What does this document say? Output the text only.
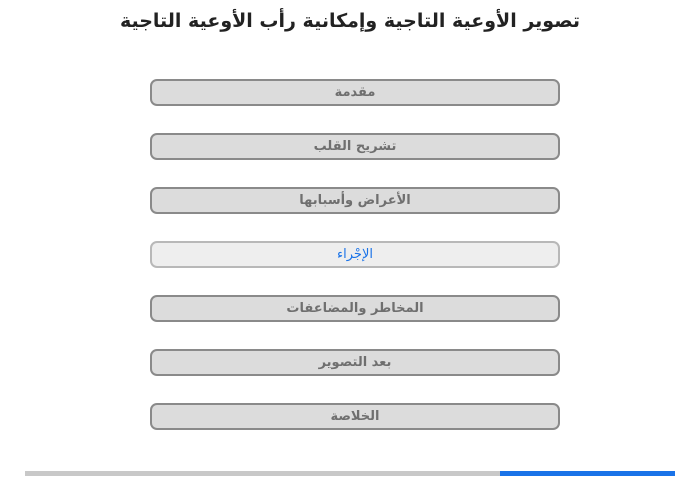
تصوير الأوعية التاجية وإمكانية رأب الأوعية التاجية
مقدمة
تشريح القلب
الأعراض وأسبابها
الإجْراء
المخاطر والمضاعفات
بعد التصوير
الخلاصة
